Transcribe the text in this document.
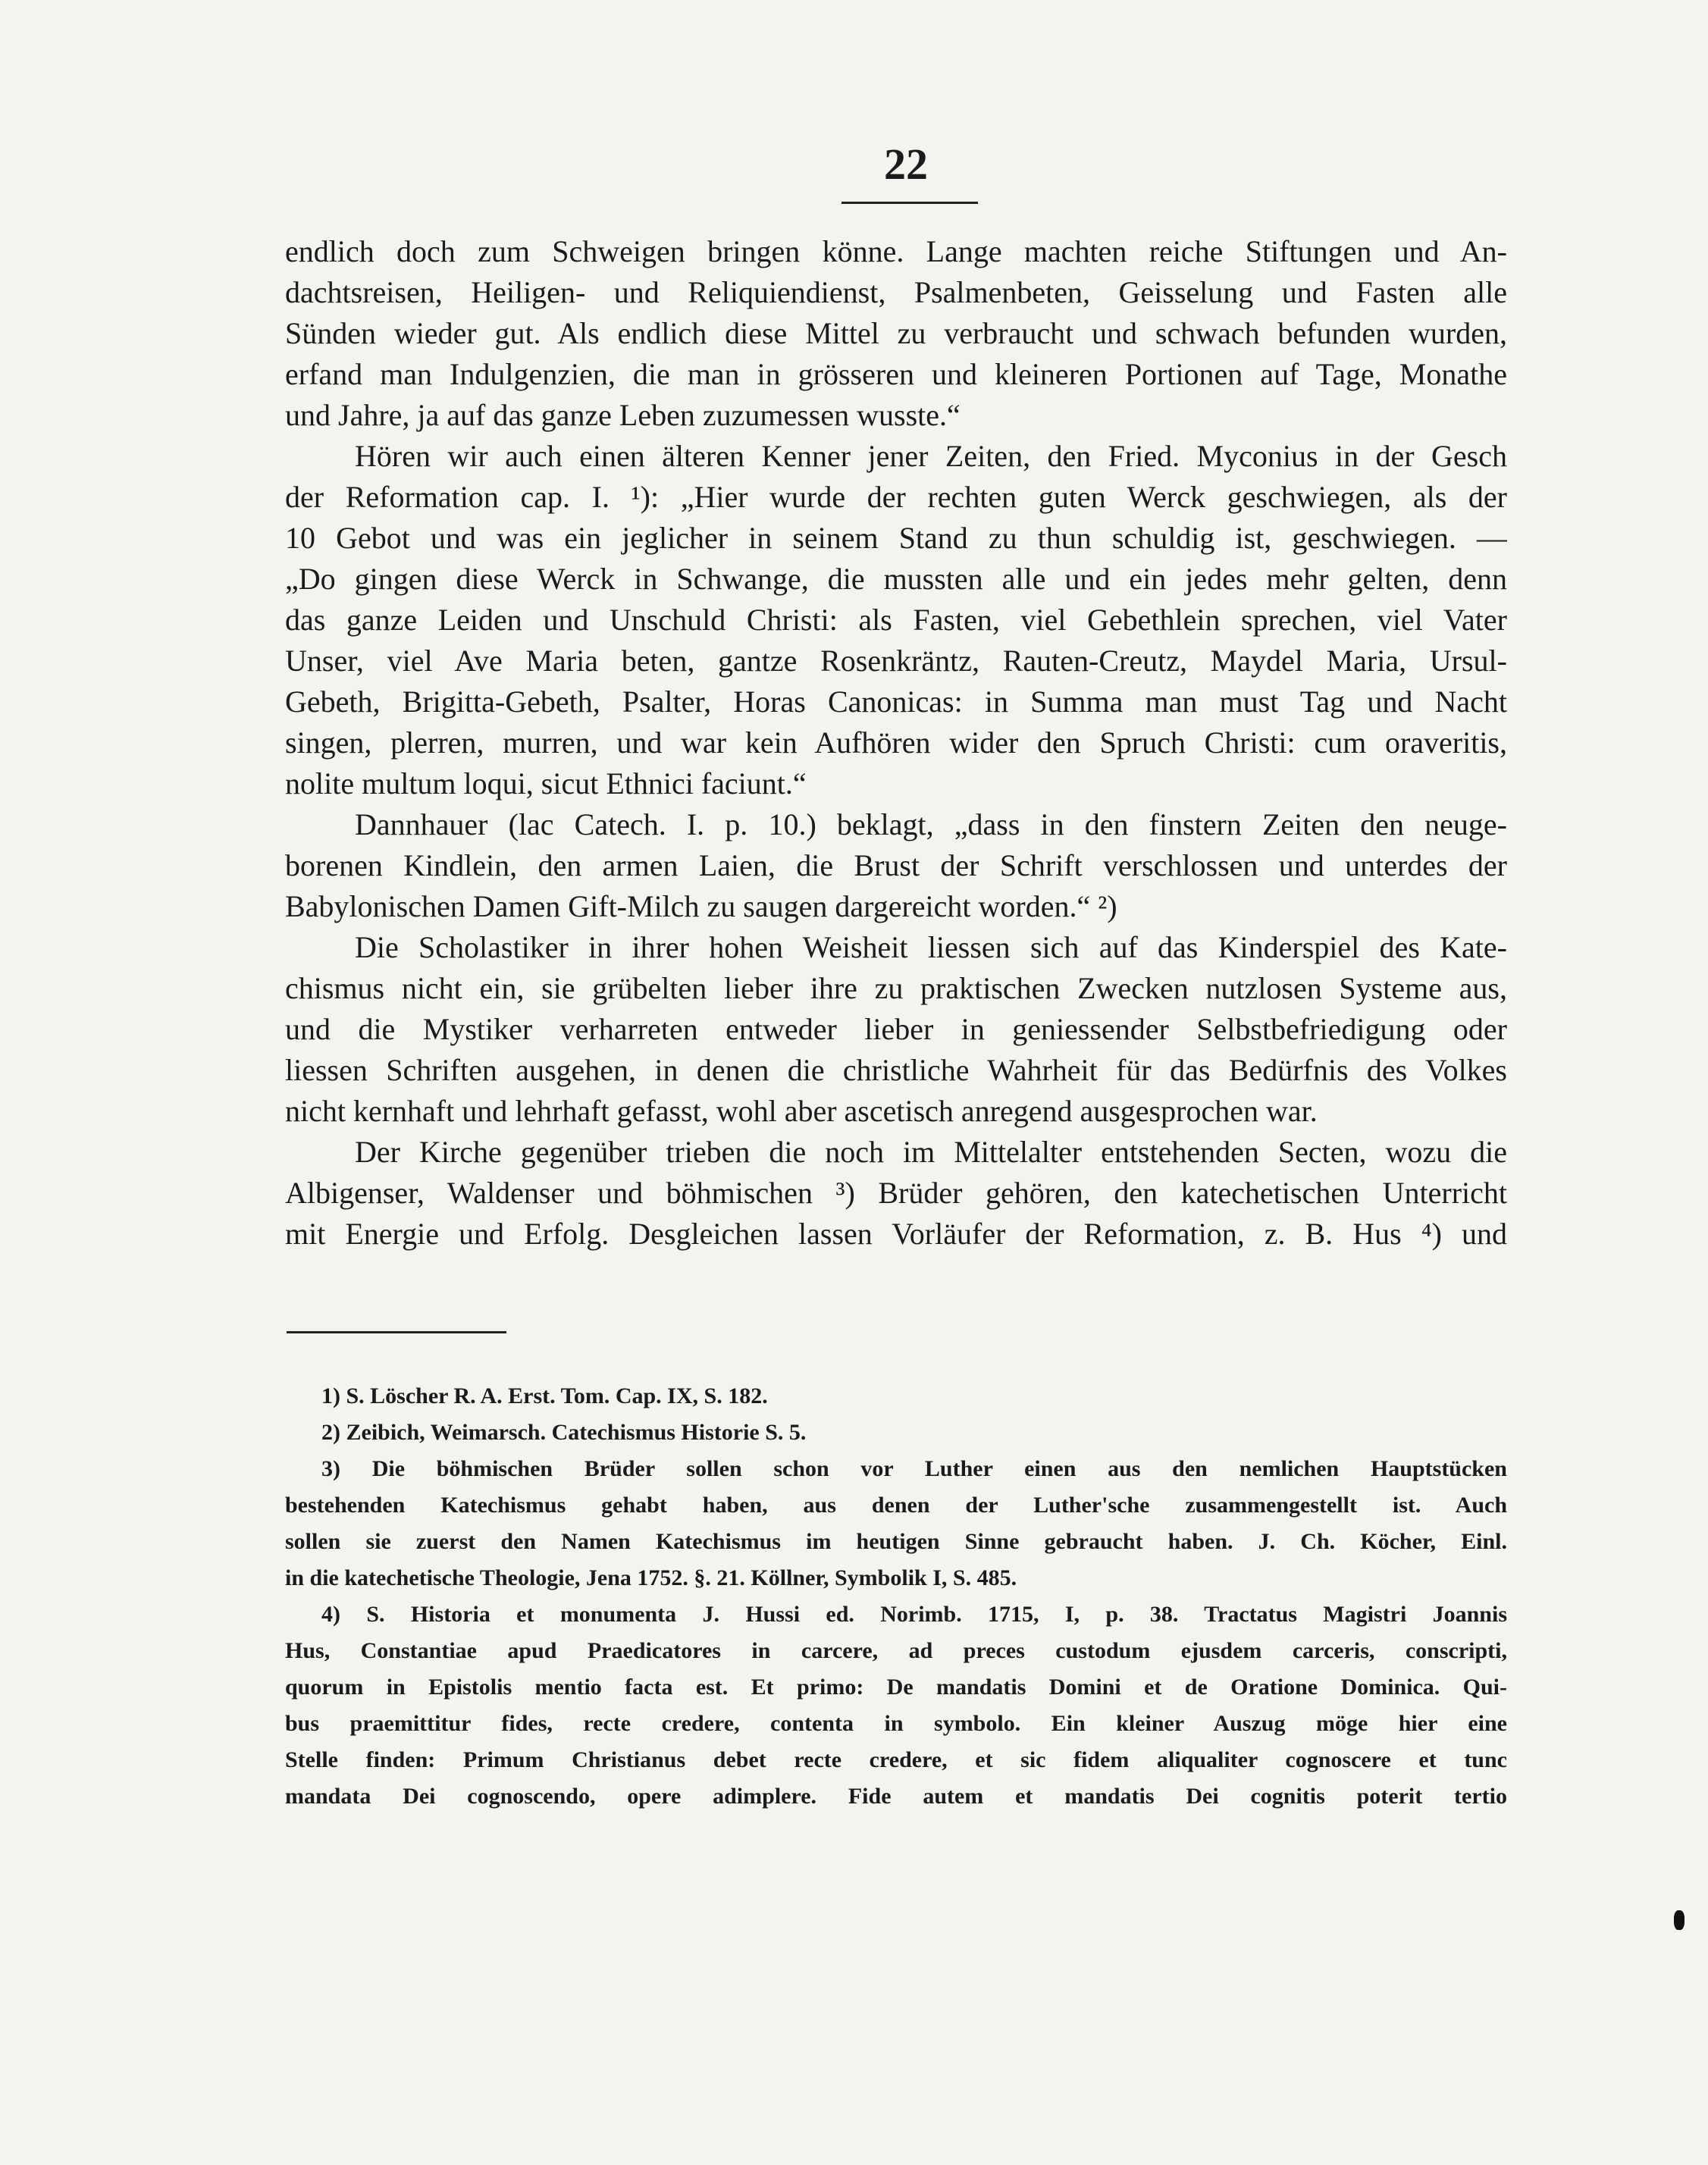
22
endlich doch zum Schweigen bringen könne. Lange machten reiche Stiftungen und An-
dachtsreisen, Heiligen- und Reliquiendienst, Psalmenbeten, Geisselung und Fasten alle
Sünden wieder gut. Als endlich diese Mittel zu verbraucht und schwach befunden wurden,
erfand man Indulgenzien, die man in grösseren und kleineren Portionen auf Tage, Monathe
und Jahre, ja auf das ganze Leben zuzumessen wusste.“
Hören wir auch einen älteren Kenner jener Zeiten, den Fried. Myconius in der Gesch
der Reformation cap. I. ¹): „Hier wurde der rechten guten Werck geschwiegen, als der
10 Gebot und was ein jeglicher in seinem Stand zu thun schuldig ist, geschwiegen. —
„Do gingen diese Werck in Schwange, die mussten alle und ein jedes mehr gelten, denn
das ganze Leiden und Unschuld Christi: als Fasten, viel Gebethlein sprechen, viel Vater
Unser, viel Ave Maria beten, gantze Rosenkräntz, Rauten-Creutz, Maydel Maria, Ursul-
Gebeth, Brigitta-Gebeth, Psalter, Horas Canonicas: in Summa man must Tag und Nacht
singen, plerren, murren, und war kein Aufhören wider den Spruch Christi: cum oraveritis,
nolite multum loqui, sicut Ethnici faciunt.“
Dannhauer (lac Catech. I. p. 10.) beklagt, „dass in den finstern Zeiten den neuge-
borenen Kindlein, den armen Laien, die Brust der Schrift verschlossen und unterdes der
Babylonischen Damen Gift-Milch zu saugen dargereicht worden.“ ²)
Die Scholastiker in ihrer hohen Weisheit liessen sich auf das Kinderspiel des Kate-
chismus nicht ein, sie grübelten lieber ihre zu praktischen Zwecken nutzlosen Systeme aus,
und die Mystiker verharreten entweder lieber in geniessender Selbstbefriedigung oder
liessen Schriften ausgehen, in denen die christliche Wahrheit für das Bedürfnis des Volkes
nicht kernhaft und lehrhaft gefasst, wohl aber ascetisch anregend ausgesprochen war.
Der Kirche gegenüber trieben die noch im Mittelalter entstehenden Secten, wozu die
Albigenser, Waldenser und böhmischen ³) Brüder gehören, den katechetischen Unterricht
mit Energie und Erfolg. Desgleichen lassen Vorläufer der Reformation, z. B. Hus ⁴) und
1) S. Löscher R. A. Erst. Tom. Cap. IX, S. 182.
2) Zeibich, Weimarsch. Catechismus Historie S. 5.
3) Die böhmischen Brüder sollen schon vor Luther einen aus den nemlichen Hauptstücken
bestehenden Katechismus gehabt haben, aus denen der Luther'sche zusammengestellt ist. Auch
sollen sie zuerst den Namen Katechismus im heutigen Sinne gebraucht haben. J. Ch. Köcher, Einl.
in die katechetische Theologie, Jena 1752. §. 21. Köllner, Symbolik I, S. 485.
4) S. Historia et monumenta J. Hussi ed. Norimb. 1715, I, p. 38. Tractatus Magistri Joannis
Hus, Constantiae apud Praedicatores in carcere, ad preces custodum ejusdem carceris, conscripti,
quorum in Epistolis mentio facta est. Et primo: De mandatis Domini et de Oratione Dominica. Qui-
bus praemittitur fides, recte credere, contenta in symbolo. Ein kleiner Auszug möge hier eine
Stelle finden: Primum Christianus debet recte credere, et sic fidem aliqualiter cognoscere et tunc
mandata Dei cognoscendo, opere adimplere. Fide autem et mandatis Dei cognitis poterit tertio
